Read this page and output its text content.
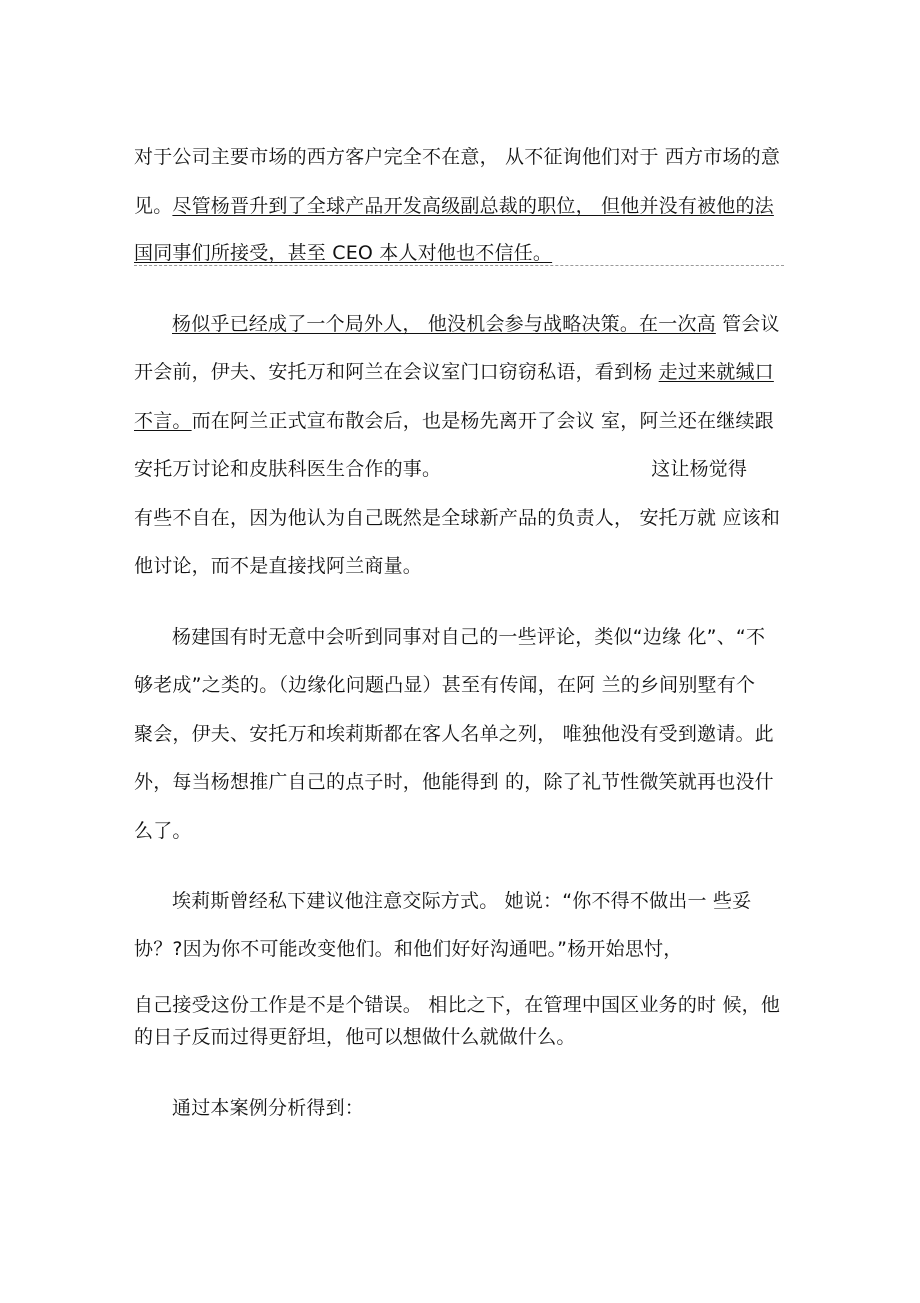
对于公司主要市场的西方客户完全不在意， 从不征询他们对于 西方市场的意
见。尽管杨晋升到了全球产品开发高级副总裁的职位， 但他并没有被他的法
国同事们所接受，甚至 CEO 本人对他也不信任。
杨似乎已经成了一个局外人， 他没机会参与战略决策。在一次高 管会议
开会前，伊夫、安托万和阿兰在会议室门口窃窃私语，看到杨 走过来就缄口
不言。而在阿兰正式宣布散会后，也是杨先离开了会议 室，阿兰还在继续跟
安托万讨论和皮肤科医生合作的事。	这让杨觉得
有些不自在，因为他认为自己既然是全球新产品的负责人， 安托万就 应该和
他讨论，而不是直接找阿兰商量。
杨建国有时无意中会听到同事对自己的一些评论，类似“边缘 化”、“不
够老成”之类的。（边缘化问题凸显）甚至有传闻，在阿 兰的乡间别墅有个
聚会，伊夫、安托万和埃莉斯都在客人名单之列， 唯独他没有受到邀请。此
外，每当杨想推广自己的点子时，他能得到 的，除了礼节性微笑就再也没什
么了。
埃莉斯曾经私下建议他注意交际方式。 她说：“你不得不做出一 些妥
协？?因为你不可能改变他们。和他们好好沟通吧。”杨开始思忖，
自己接受这份工作是不是个错误。 相比之下，在管理中国区业务的时 候，他
的日子反而过得更舒坦，他可以想做什么就做什么。
通过本案例分析得到：
